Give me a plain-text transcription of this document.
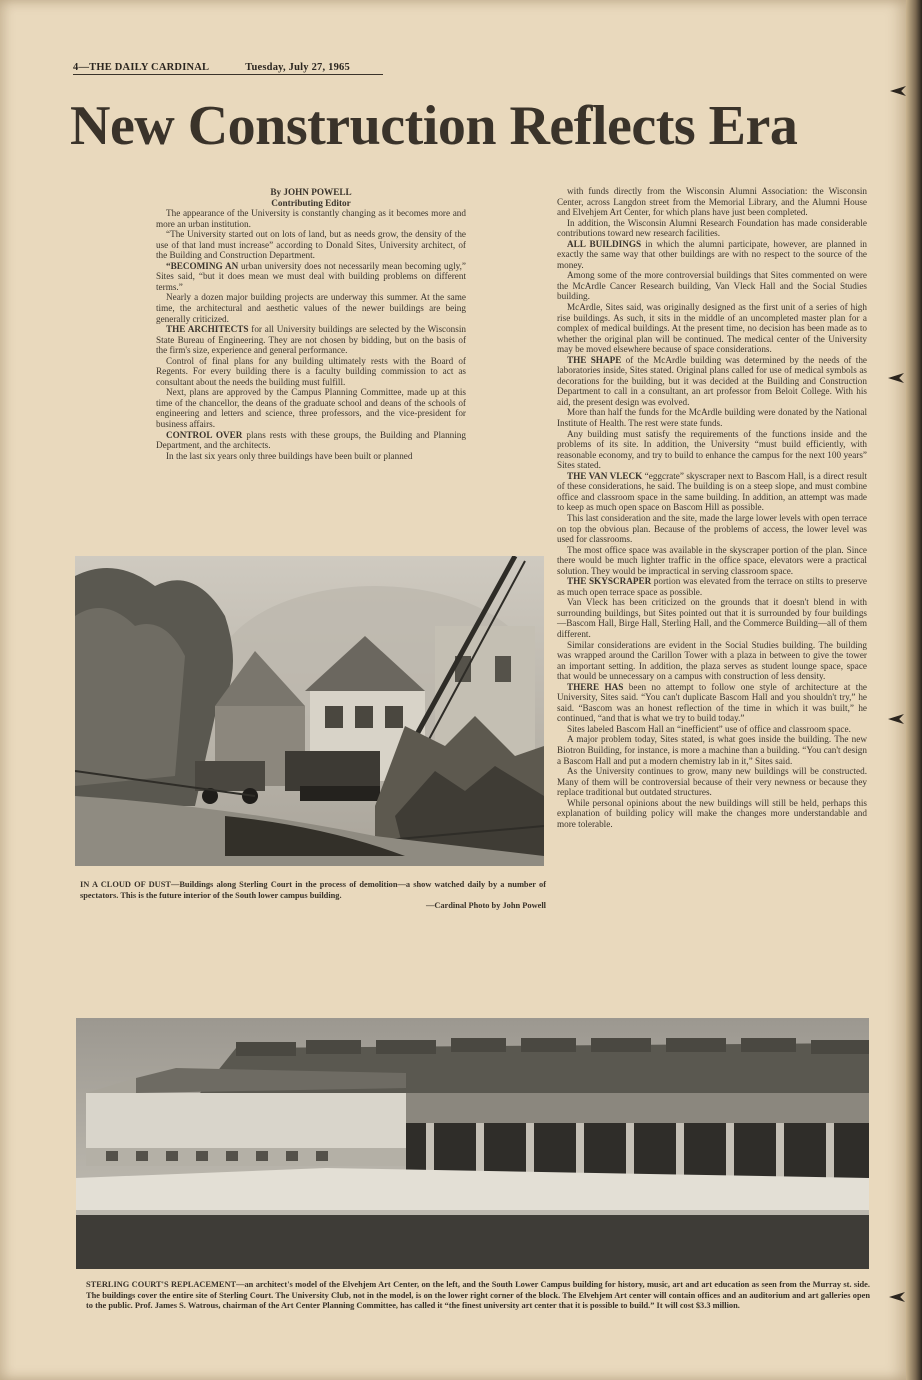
4—THE DAILY CARDINAL	Tuesday, July 27, 1965
New Construction Reflects Era

By JOHN POWELL

Contributing Editor

The appearance of the University is constantly changing as it becomes more and more an urban institution.

“The University started out on lots of land, but as needs grow, the density of the use of that land must increase” according to Donald Sites, University architect, of the Building and Construction Department.

“BECOMING AN urban university does not necessarily mean becoming ugly,” Sites said, “but it does mean we must deal with building problems on different terms.”

Nearly a dozen major building projects are underway this summer. At the same time, the architectural and aesthetic values of the newer buildings are being generally criticized.

THE ARCHITECTS for all University buildings are selected by the Wisconsin State Bureau of Engineering. They are not chosen by bidding, but on the basis of the firm's size, experience and general performance.

Control of final plans for any building ultimately rests with the Board of Regents. For every building there is a faculty building commission to act as consultant about the needs the building must fulfill.

Next, plans are approved by the Campus Planning Committee, made up at this time of the chancellor, the deans of the graduate school and deans of the schools of engineering and letters and science, three professors, and the vice-president for business affairs.

CONTROL OVER plans rests with these groups, the Building and Planning Department, and the architects.

In the last six years only three buildings have been built or planned

with funds directly from the Wisconsin Alumni Association: the Wisconsin Center, across Langdon street from the Memorial Library, and the Alumni House and Elvehjem Art Center, for which plans have just been completed.

In addition, the Wisconsin Alumni Research Foundation has made considerable contributions toward new research facilities.

ALL BUILDINGS in which the alumni participate, however, are planned in exactly the same way that other buildings are with no respect to the source of the money.

Among some of the more controversial buildings that Sites commented on were the McArdle Cancer Research building, Van Vleck Hall and the Social Studies building.

McArdle, Sites said, was originally designed as the first unit of a series of high rise buildings. As such, it sits in the middle of an uncompleted master plan for a complex of medical buildings. At the present time, no decision has been made as to whether the original plan will be continued. The medical center of the University may be moved elsewhere because of space considerations.

THE SHAPE of the McArdle building was determined by the needs of the laboratories inside, Sites stated. Original plans called for use of medical symbols as decorations for the building, but it was decided at the Building and Construction Department to call in a consultant, an art professor from Beloit College. With his aid, the present design was evolved.

More than half the funds for the McArdle building were donated by the National Institute of Health. The rest were state funds.

Any building must satisfy the requirements of the functions inside and the problems of its site. In addition, the University “must build efficiently, with reasonable economy, and try to build to enhance the campus for the next 100 years” Sites stated.

THE VAN VLECK “eggcrate” skyscraper next to Bascom Hall, is a direct result of these considerations, he said. The building is on a steep slope, and must combine office and classroom space in the same building. In addition, an attempt was made to keep as much open space on Bascom Hill as possible.

This last consideration and the site, made the large lower levels with open terrace on top the obvious plan. Because of the problems of access, the lower level was used for classrooms.

The most office space was available in the skyscraper portion of the plan. Since there would be much lighter traffic in the office space, elevators were a practical solution. They would be impractical in serving classroom space.

THE SKYSCRAPER portion was elevated from the terrace on stilts to preserve as much open terrace space as possible.

Van Vleck has been criticized on the grounds that it doesn't blend in with surrounding buildings, but Sites pointed out that it is surrounded by four buildings—Bascom Hall, Birge Hall, Sterling Hall, and the Commerce Building—all of them different.

Similar considerations are evident in the Social Studies building. The building was wrapped around the Carillon Tower with a plaza in between to give the tower an important setting. In addition, the plaza serves as student lounge space, space that would be unnecessary on a campus with construction of less density.

THERE HAS been no attempt to follow one style of architecture at the University, Sites said. “You can't duplicate Bascom Hall and you shouldn't try,” he said. “Bascom was an honest reflection of the time in which it was built,” he continued, “and that is what we try to build today.”

Sites labeled Bascom Hall an “inefficient” use of office and classroom space.

A major problem today, Sites stated, is what goes inside the building. The new Biotron Building, for instance, is more a machine than a building. “You can't design a Bascom Hall and put a modern chemistry lab in it,” Sites said.

As the University continues to grow, many new buildings will be constructed. Many of them will be controversial because of their very newness or because they replace traditional but outdated structures.

While personal opinions about the new buildings will still be held, perhaps this explanation of building policy will make the changes more understandable and more tolerable.

IN A CLOUD OF DUST—Buildings along Sterling Court in the process of demolition—a show watched daily by a number of spectators. This is the future interior of the South lower campus building.
—Cardinal Photo by John Powell
STERLING COURT'S REPLACEMENT—an architect's model of the Elvehjem Art Center, on the left, and the South Lower Campus building for history, music, art and art education as seen from the Murray st. side. The buildings cover the entire site of Sterling Court. The University Club, not in the model, is on the lower right corner of the block. The Elvehjem Art center will contain offices and an auditorium and art galleries open to the public. Prof. James S. Watrous, chairman of the Art Center Planning Committee, has called it “the finest university art center that it is possible to build.” It will cost $3.3 million.
